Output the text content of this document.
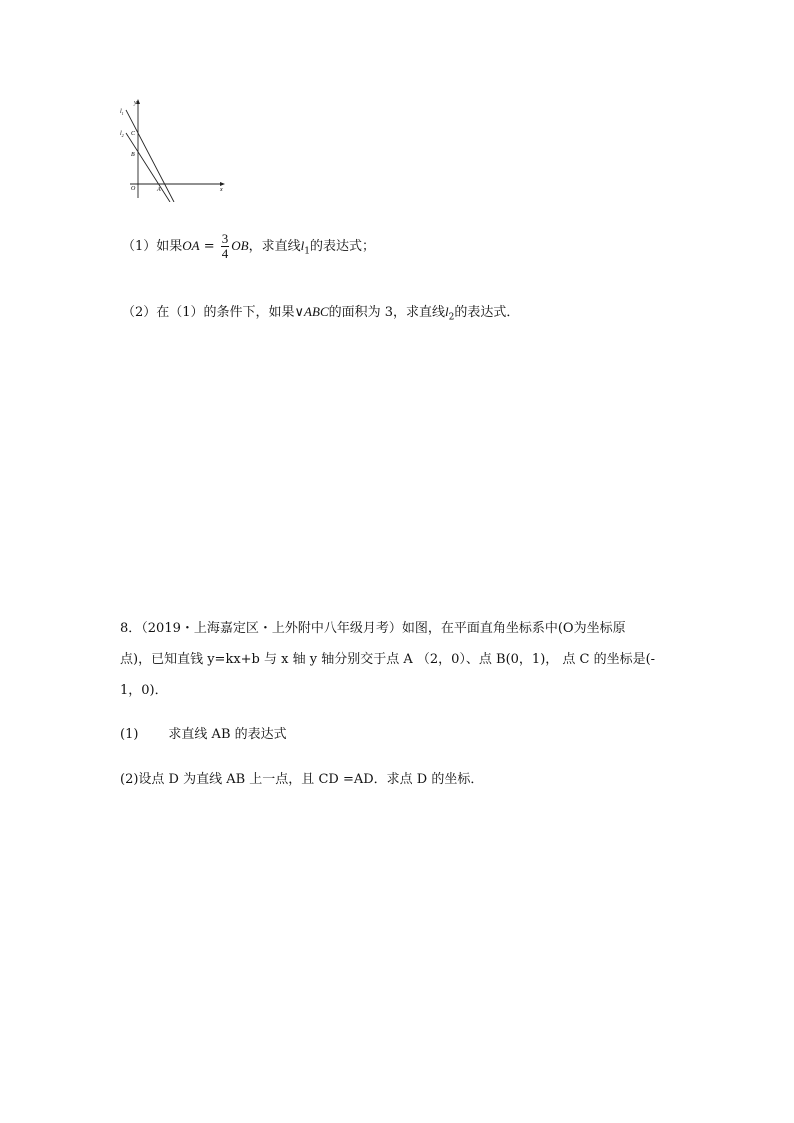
$l_1$
$l_2$
y
x
C
B
O	A
（1）如果OA = $\frac{3}{4}$ OB，求直线$l_1$的表达式；
（2）在（1）的条件下，如果∨ABC的面积为 3，求直线$l_2$的表达式．
8．（2019・上海嘉定区・上外附中八年级月考）如图，在平面直角坐标系中(O为坐标原
点)，已知直钱 y=kx+b 与 x 轴 y 轴分别交于点 A （2，0）、点 B(0，1)， 点 C 的坐标是(-
1，0)．
(1) 求直线 AB 的表达式
(2)设点 D 为直线 AB 上一点，且 CD =AD．求点 D 的坐标．
